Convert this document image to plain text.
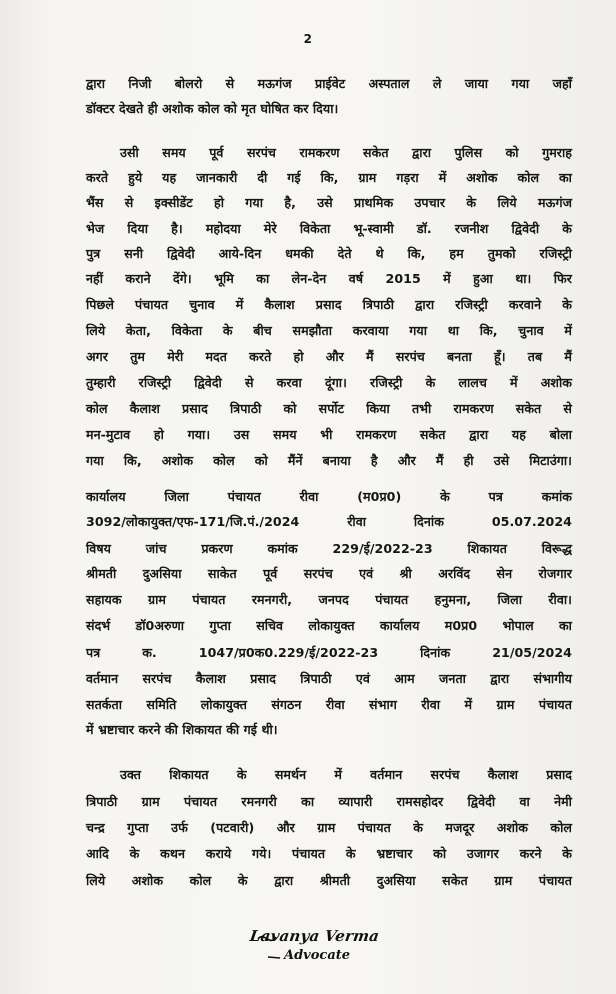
2
द्वारा निजी बोलरो से मऊगंज प्राईवेट अस्पताल ले जाया गया जहाँ
डॉक्टर देखते ही अशोक कोल को मृत घोषित कर दिया।
उसी समय पूर्व सरपंच रामकरण सकेत द्वारा पुलिस को गुमराह
करते हुये यह जानकारी दी गई कि, ग्राम गड़रा में अशोक कोल का
भैंस से इक्सीडेंट हो गया है, उसे प्राथमिक उपचार के लिये मऊगंज
भेज दिया है। महोदया मेरे विकेता भू-स्वामी डॉ. रजनीश द्विवेदी के
पुत्र सनी द्विवेदी आये-दिन धमकी देते थे कि, हम तुमको रजिस्ट्री
नहीं कराने देंगे। भूमि का लेन-देन वर्ष 2015 में हुआ था। फिर
पिछले पंचायत चुनाव में कैलाश प्रसाद त्रिपाठी द्वारा रजिस्ट्री करवाने के
लिये केता, विकेता के बीच समझौता करवाया गया था कि, चुनाव में
अगर तुम मेरी मदत करते हो और मैं सरपंच बनता हूँ। तब मैं
तुम्हारी रजिस्ट्री द्विवेदी से करवा दूंगा। रजिस्ट्री के लालच में अशोक
कोल कैलाश प्रसाद त्रिपाठी को सर्पोट किया तभी रामकरण सकेत से
मन-मुटाव हो गया। उस समय भी रामकरण सकेत द्वारा यह बोला
गया कि, अशोक कोल को मैंनें बनाया है और मैं ही उसे मिटाउंगा।
कार्यालय जिला पंचायत रीवा (म0प्र0) के पत्र कमांक
3092/लोकायुक्त/एफ-171/जि.पं./2024 रीवा दिनांक 05.07.2024
विषय जांच प्रकरण कमांक 229/ई/2022-23 शिकायत विरूद्ध
श्रीमती दुअसिया साकेत पूर्व सरपंच एवं श्री अरविंद सेन रोजगार
सहायक ग्राम पंचायत रमनगरी, जनपद पंचायत हनुमना, जिला रीवा।
संदर्भ डॉ0अरुणा गुप्ता सचिव लोकायुक्त कार्यालय म0प्र0 भोपाल का
पत्र क. 1047/प्र0क0.229/ई/2022-23 दिनांक 21/05/2024
वर्तमान सरपंच कैलाश प्रसाद त्रिपाठी एवं आम जनता द्वारा संभागीय
सतर्कता समिति लोकायुक्त संगठन रीवा संभाग रीवा में ग्राम पंचायत
में भ्रष्टाचार करने की शिकायत की गई थी।
उक्त शिकायत के समर्थन में वर्तमान सरपंच कैलाश प्रसाद
त्रिपाठी ग्राम पंचायत रमनगरी का व्यापारी रामसहोदर द्विवेदी वा नेमी
चन्द्र गुप्ता उर्फ (पटवारी) और ग्राम पंचायत के मजदूर अशोक कोल
आदि के कथन कराये गये। पंचायत के भ्रष्टाचार को उजागर करने के
लिये अशोक कोल के द्वारा श्रीमती दुअसिया सकेत ग्राम पंचायत
Lavanya Verma
Advocate
